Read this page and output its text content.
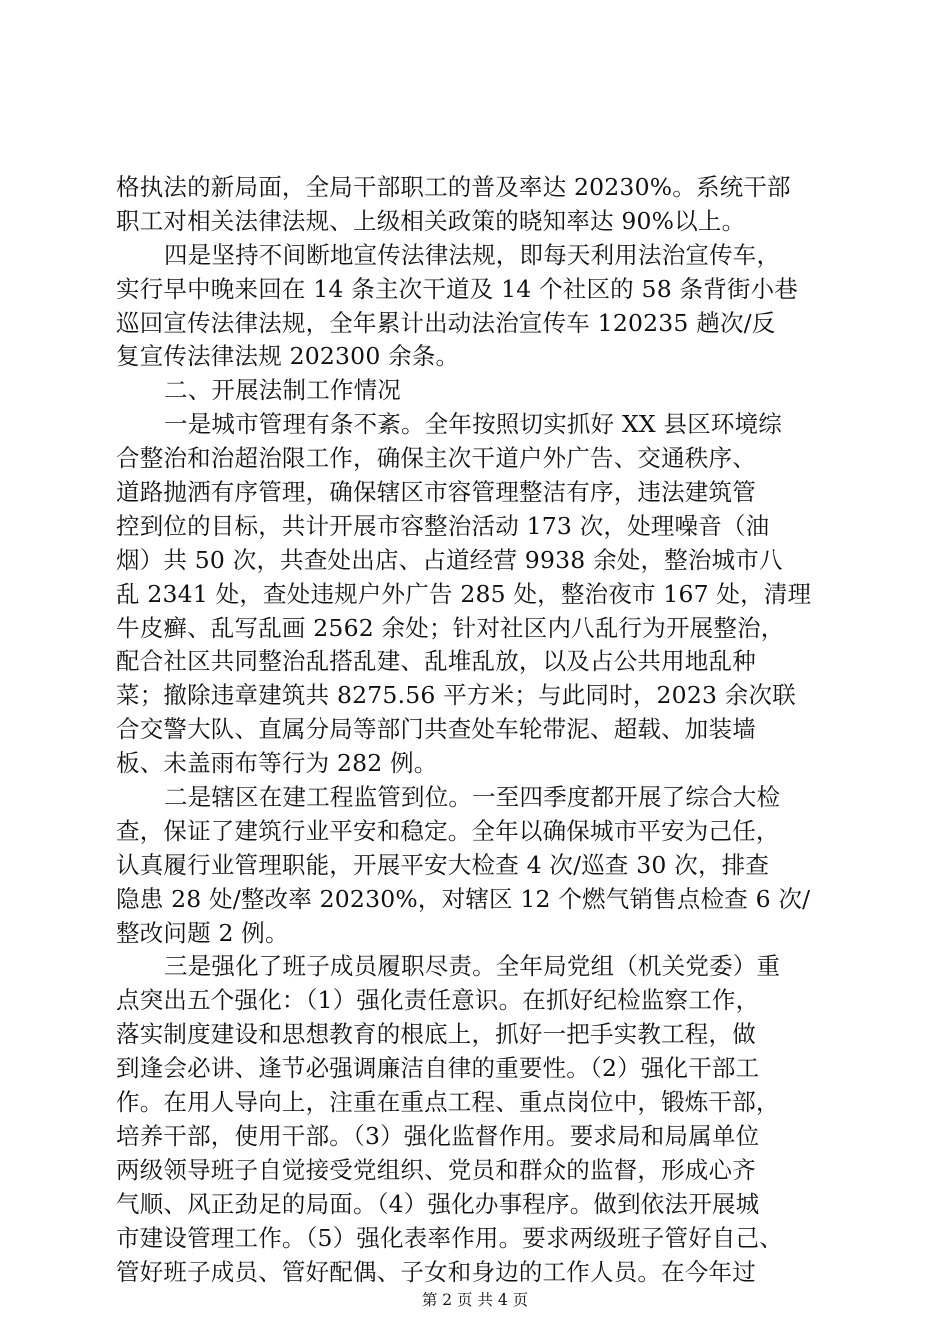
格执法的新局面，全局干部职工的普及率达 20230%。系统干部
职工对相关法律法规、上级相关政策的晓知率达 90%以上。
四是坚持不间断地宣传法律法规，即每天利用法治宣传车，
实行早中晚来回在 14 条主次干道及 14 个社区的 58 条背街小巷
巡回宣传法律法规，全年累计出动法治宣传车 120235 趟次/反
复宣传法律法规 202300 余条。
二、开展法制工作情况
一是城市管理有条不紊。全年按照切实抓好 XX 县区环境综
合整治和治超治限工作，确保主次干道户外广告、交通秩序、
道路抛洒有序管理，确保辖区市容管理整洁有序，违法建筑管
控到位的目标，共计开展市容整治活动 173 次，处理噪音（油
烟）共 50 次，共查处出店、占道经营 9938 余处，整治城市八
乱 2341 处，查处违规户外广告 285 处，整治夜市 167 处，清理
牛皮癣、乱写乱画 2562 余处；针对社区内八乱行为开展整治，
配合社区共同整治乱搭乱建、乱堆乱放，以及占公共用地乱种
菜；撤除违章建筑共 8275.56 平方米；与此同时，2023 余次联
合交警大队、直属分局等部门共查处车轮带泥、超载、加装墙
板、未盖雨布等行为 282 例。
二是辖区在建工程监管到位。一至四季度都开展了综合大检
查，保证了建筑行业平安和稳定。全年以确保城市平安为己任，
认真履行业管理职能，开展平安大检查 4 次/巡查 30 次，排查
隐患 28 处/整改率 20230%，对辖区 12 个燃气销售点检查 6 次/
整改问题 2 例。
三是强化了班子成员履职尽责。全年局党组（机关党委）重
点突出五个强化：（1）强化责任意识。在抓好纪检监察工作，
落实制度建设和思想教育的根底上，抓好一把手实教工程，做
到逢会必讲、逢节必强调廉洁自律的重要性。（2）强化干部工
作。在用人导向上，注重在重点工程、重点岗位中，锻炼干部，
培养干部，使用干部。（3）强化监督作用。要求局和局属单位
两级领导班子自觉接受党组织、党员和群众的监督，形成心齐
气顺、风正劲足的局面。（4）强化办事程序。做到依法开展城
市建设管理工作。（5）强化表率作用。要求两级班子管好自己、
管好班子成员、管好配偶、子女和身边的工作人员。在今年过
第 2 页 共 4 页
